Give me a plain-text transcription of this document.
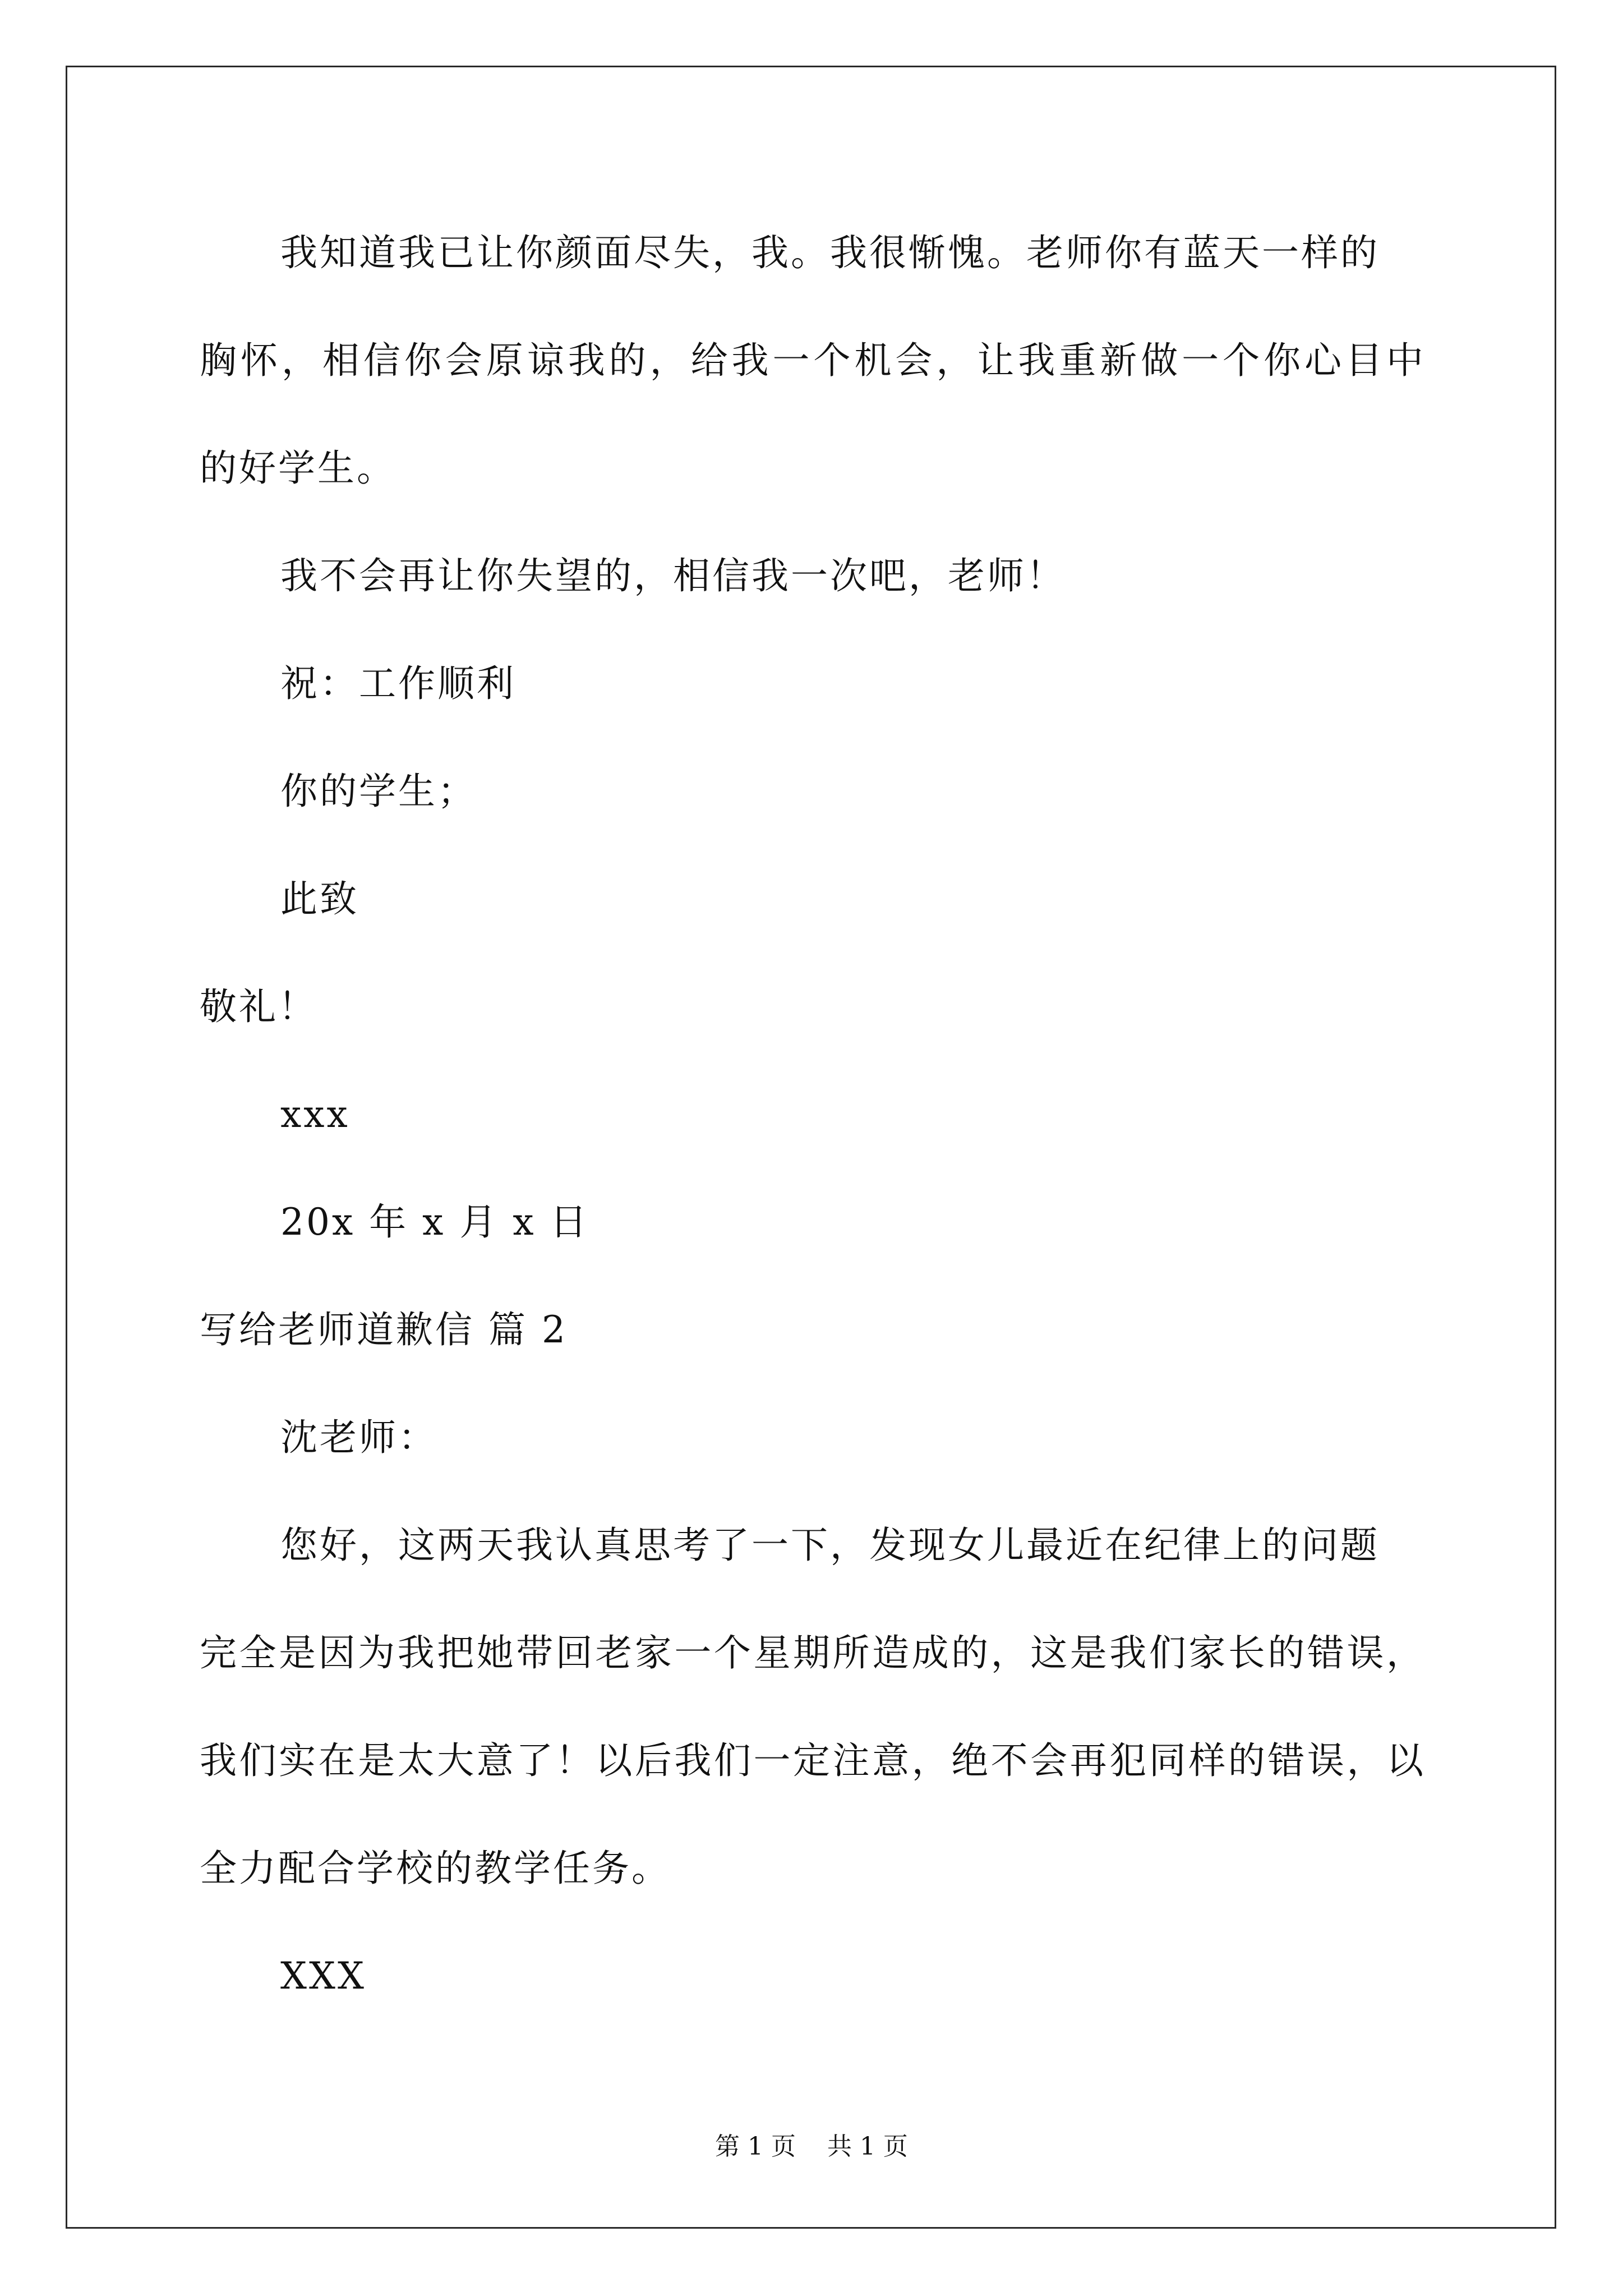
我知道我已让你颜面尽失，我。我很惭愧。老师你有蓝天一样的
胸怀，相信你会原谅我的，给我一个机会，让我重新做一个你心目中
的好学生。
我不会再让你失望的，相信我一次吧，老师！
祝：工作顺利
你的学生；
此致
敬礼！
xxx
20x 年 x 月 x 日
写给老师道歉信 篇 2
沈老师：
您好，这两天我认真思考了一下，发现女儿最近在纪律上的问题
完全是因为我把她带回老家一个星期所造成的，这是我们家长的错误，
我们实在是太大意了！以后我们一定注意，绝不会再犯同样的错误，以
全力配合学校的教学任务。
XXX
第 1 页    共 1 页
